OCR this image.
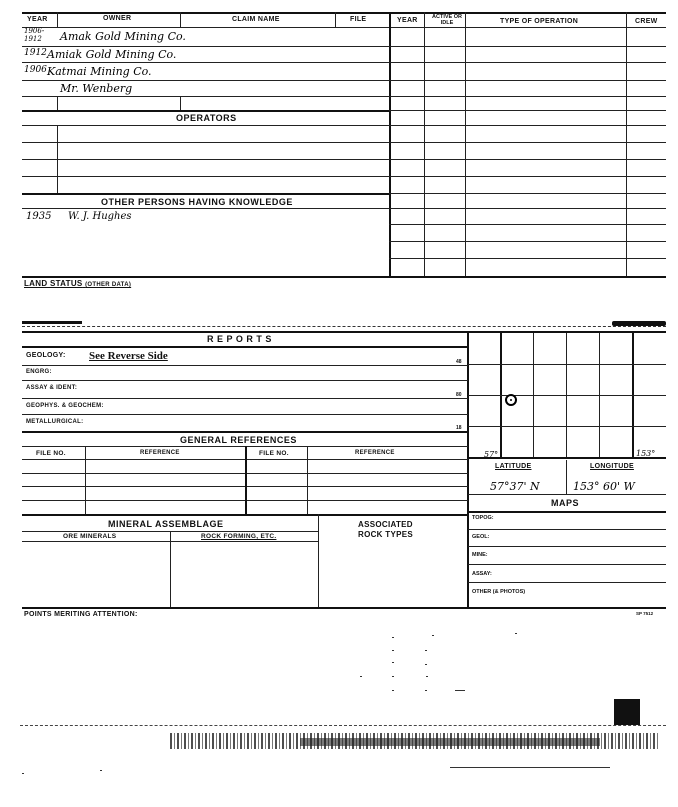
YEAR	OWNER	CLAIM NAME	FILE	YEAR	ACTIVE OR IDLE	TYPE OF OPERATION	CREW
1906-1912 Amak Gold Mining Co.
1912 Amiak Gold Mining Co.
1906 Katmai Mining Co.
Mr. Wenberg
OPERATORS
OTHER PERSONS HAVING KNOWLEDGE
1935 W. J. Hughes
LAND STATUS (OTHER DATA)
R E P O R T S
GEOLOGY: See Reverse Side	48
ENGRG:
ASSAY & IDENT:
80
GEOPHYS. & GEOCHEM:
METALLURGICAL:
18
GENERAL REFERENCES
FILE NO.	REFERENCE	FILE NO.	REFERENCE
MINERAL ASSEMBLAGE	ASSOCIATED
ROCK TYPES
ORE MINERALS	ROCK FORMING, ETC.
57°	153°
LATITUDE	LONGITUDE
57°37' N	153° 60' W
MAPS
TOPOG:
GEOL:
MINE:
ASSAY:
OTHER (& PHOTOS)
POINTS MERITING ATTENTION:	SP 7512
